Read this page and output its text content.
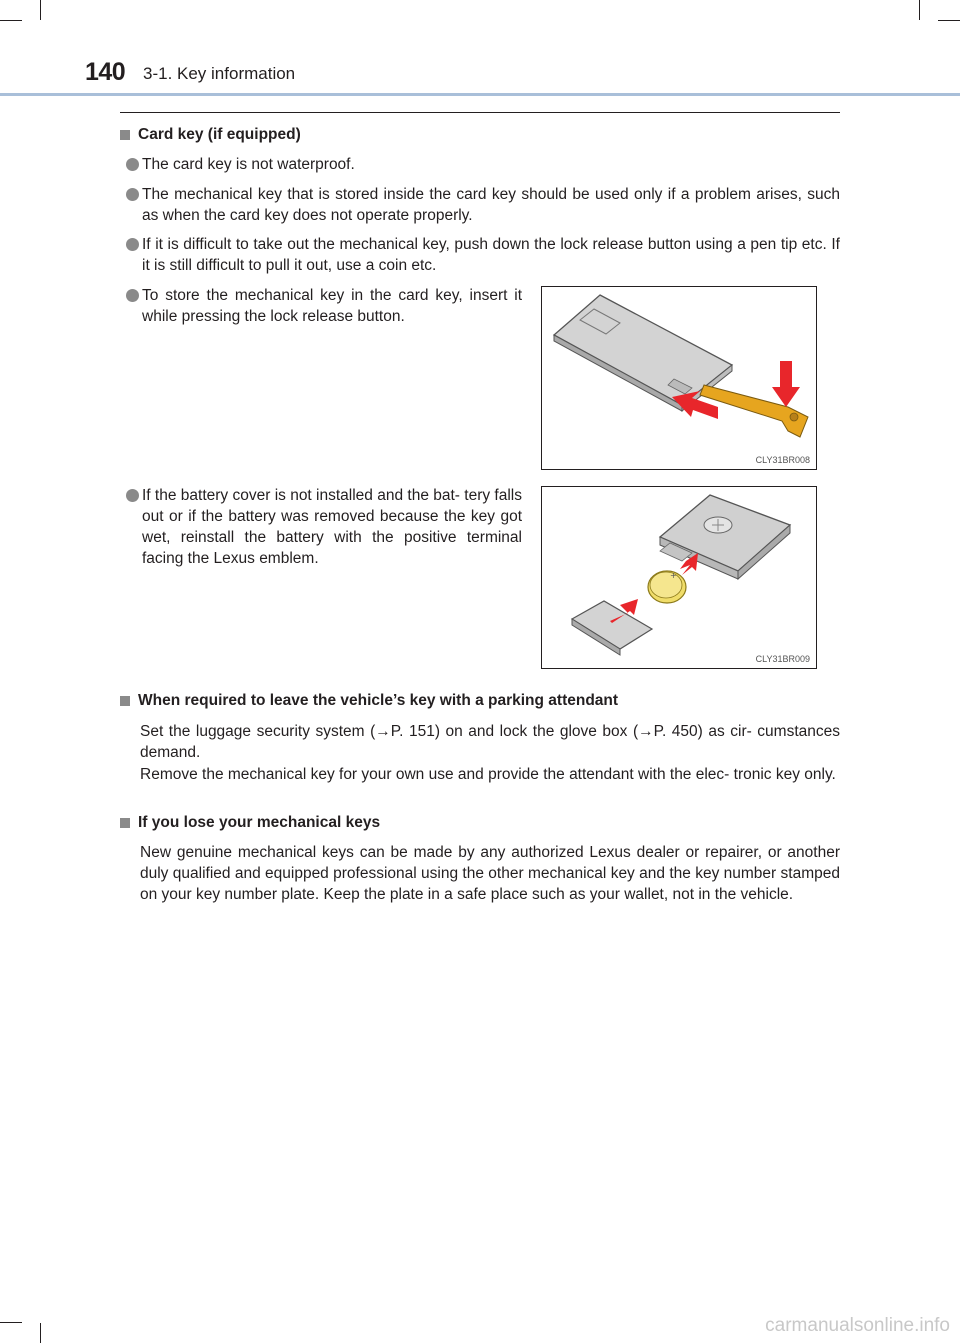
140 3-1. Key information
Card key (if equipped)
The card key is not waterproof.
The mechanical key that is stored inside the card key should be used only if a problem arises, such as when the card key does not operate properly.
If it is difficult to take out the mechanical key, push down the lock release button using a pen tip etc. If it is still difficult to pull it out, use a coin etc.
To store the mechanical key in the card key, insert it while pressing the lock release button.
If the battery cover is not installed and the bat- tery falls out or if the battery was removed because the key got wet, reinstall the battery with the positive terminal facing the Lexus emblem.
CLY31BR008
+
CLY31BR009
When required to leave the vehicle’s key with a parking attendant
Set the luggage security system (→P. 151) on and lock the glove box (→P. 450) as cir- cumstances demand.
Remove the mechanical key for your own use and provide the attendant with the elec- tronic key only.
If you lose your mechanical keys
New genuine mechanical keys can be made by any authorized Lexus dealer or repairer, or another duly qualified and equipped professional using the other mechanical key and the key number stamped on your key number plate. Keep the plate in a safe place such as your wallet, not in the vehicle.
carmanualsonline.info
